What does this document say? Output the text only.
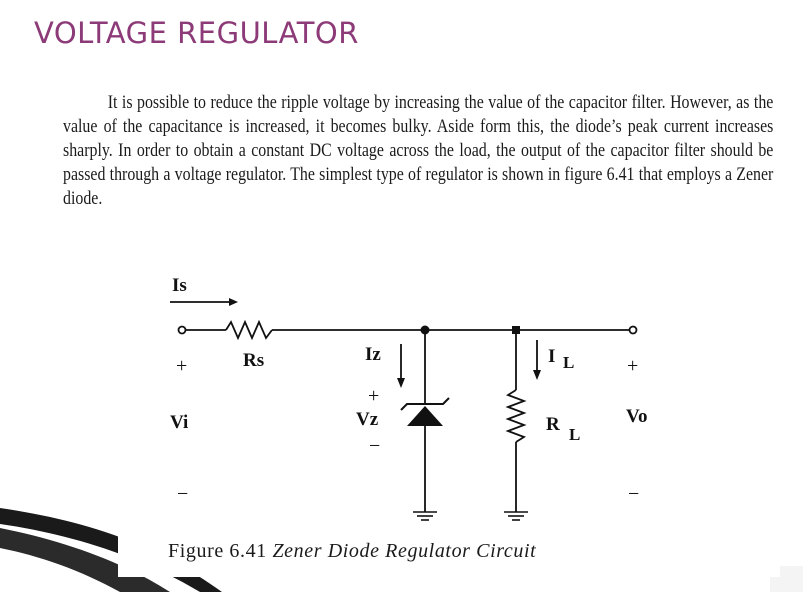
VOLTAGE REGULATOR

It is possible to reduce the ripple voltage by increasing the value of the capacitor filter. However, as the value of the capacitance is increased, it becomes bulky. Aside form this, the diode’s peak current increases sharply. In order to obtain a constant DC voltage across the load, the output of the capacitor filter should be passed through a voltage regulator. The simplest type of regulator is shown in figure 6.41 that employs a Zener diode.

Is
Rs
+
Vi
−
Iz
+
Vz
−
I L
R L
+
Vo
−

Figure 6.41 Zener Diode Regulator Circuit
